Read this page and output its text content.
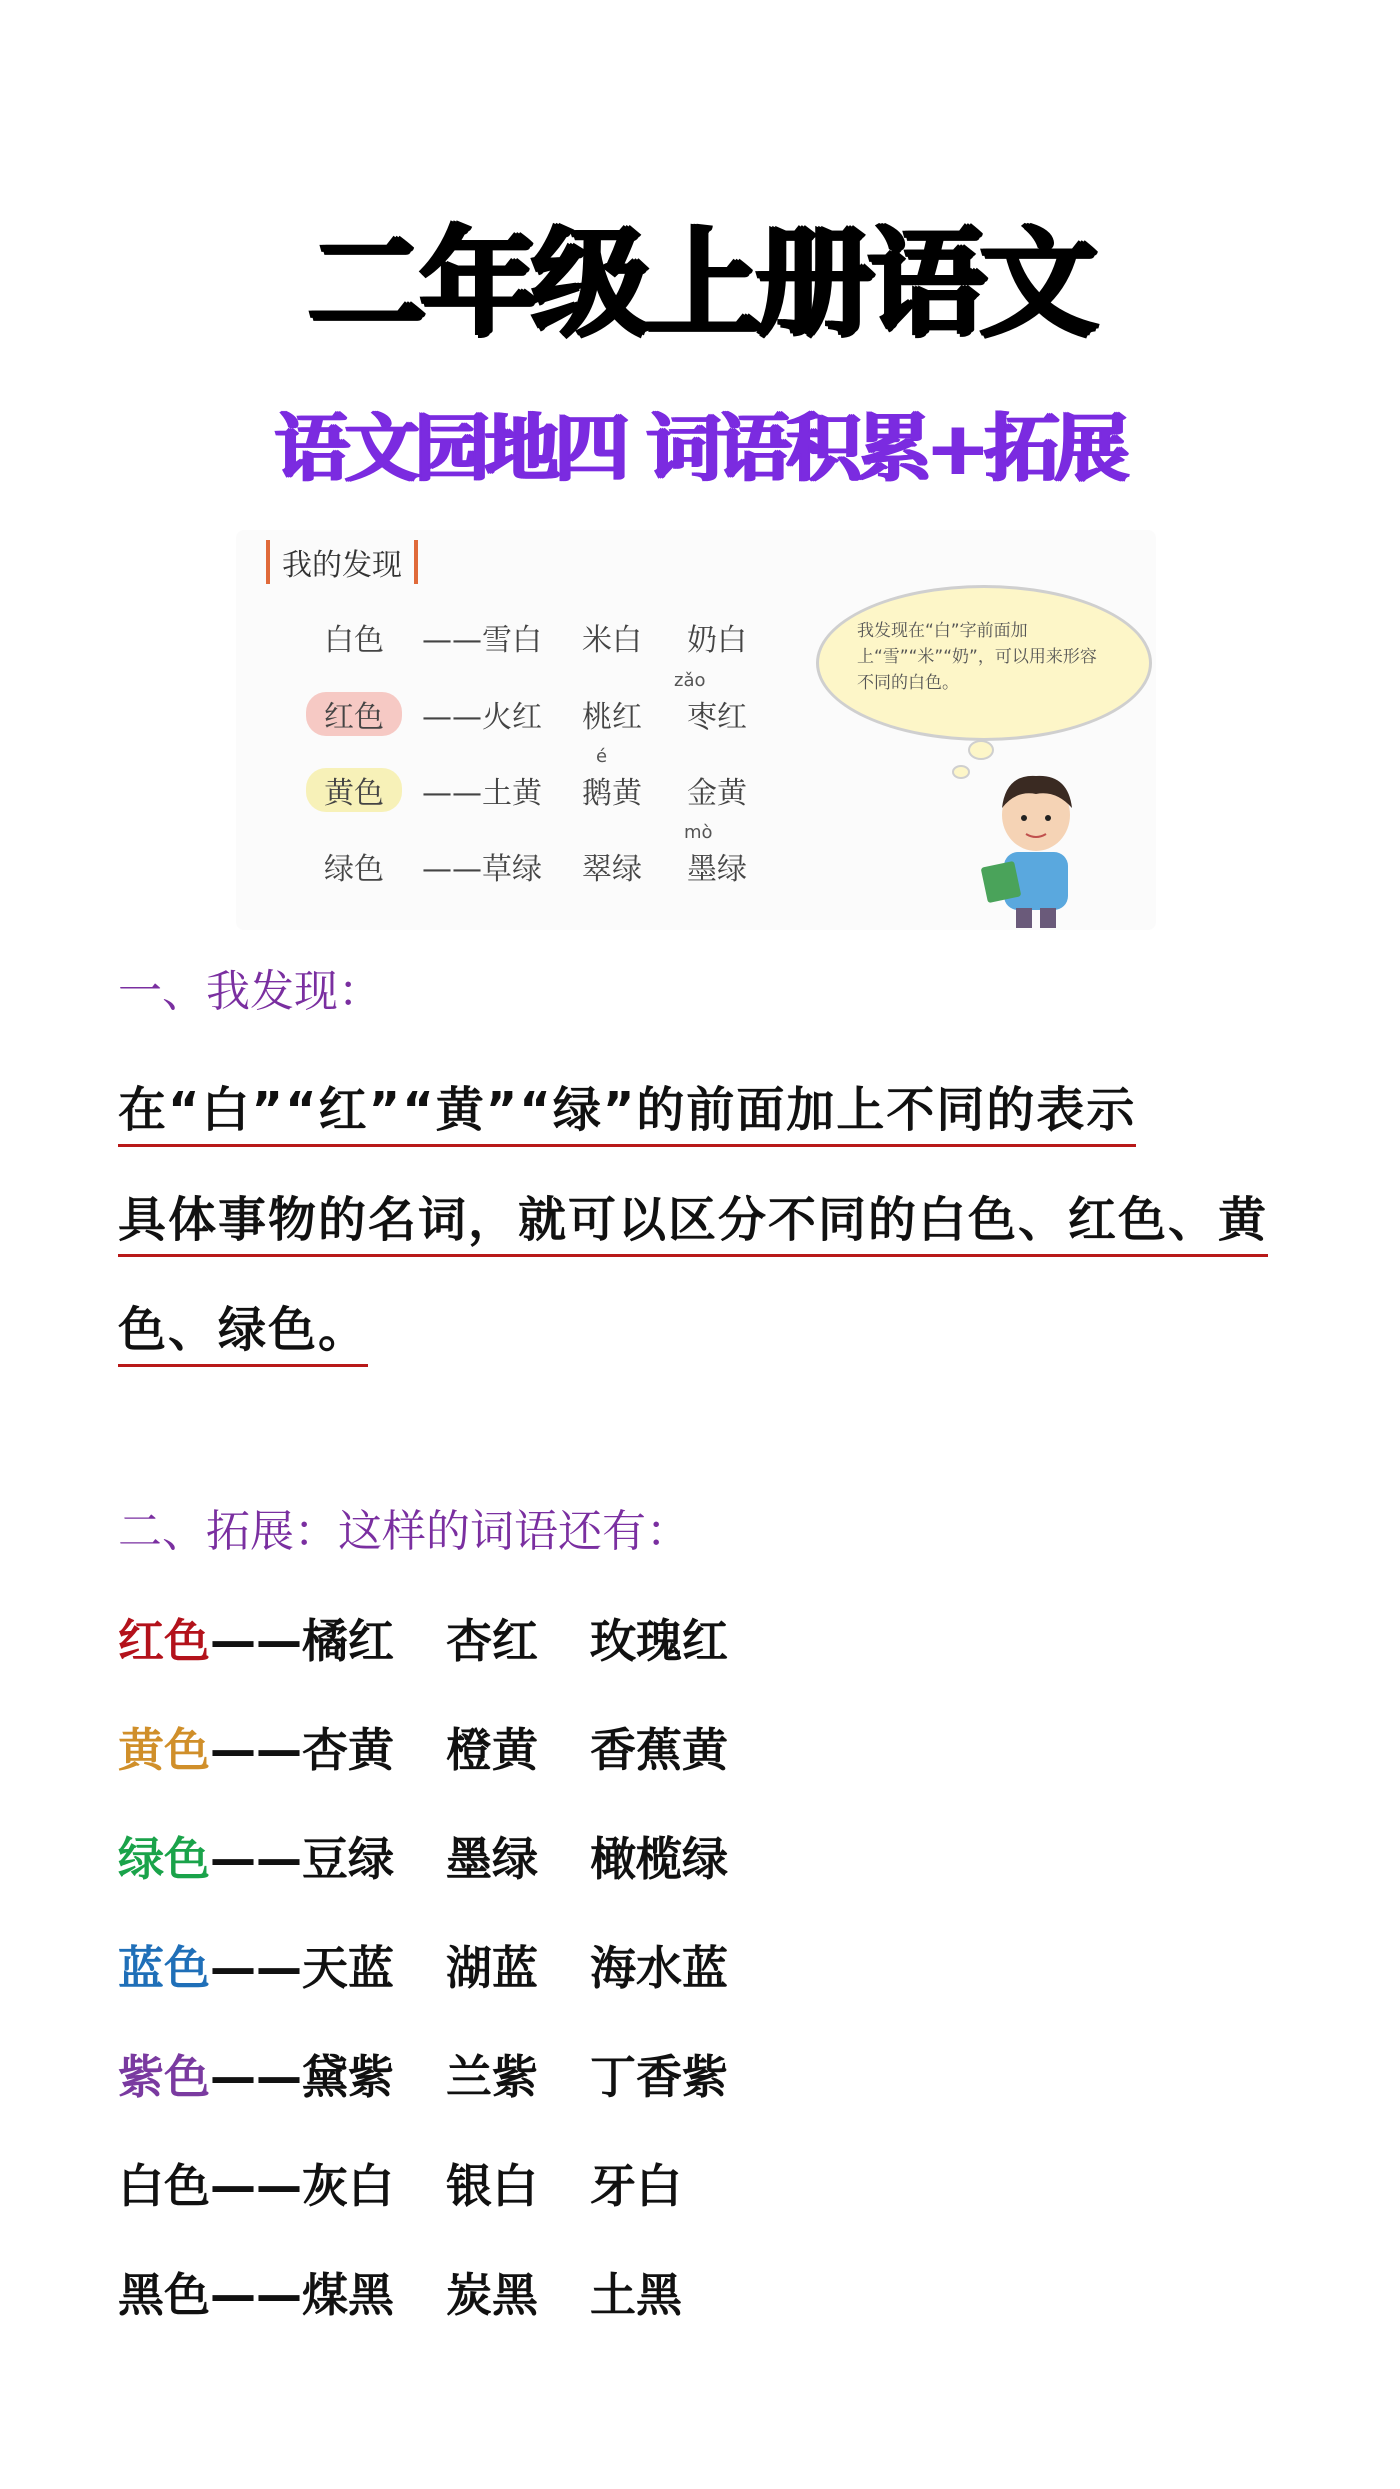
二年级上册语文
语文园地四 词语积累+拓展
我的发现
白色 ——雪白 米白 奶白
zǎo
红色 ——火红 桃红 枣红
é
黄色 ——土黄 鹅黄 金黄
mò
绿色 ——草绿 翠绿 墨绿
我发现在“白”字前面加上“雪”“米”“奶”，可以用来形容不同的白色。
一、我发现：
在“白”“红”“黄”“绿”的前面加上不同的表示
具体事物的名词，就可以区分不同的白色、红色、黄
色、绿色。
二、拓展：这样的词语还有：
红色——橘红 杏红 玫瑰红
黄色——杏黄 橙黄 香蕉黄
绿色——豆绿 墨绿 橄榄绿
蓝色——天蓝 湖蓝 海水蓝
紫色——黛紫 兰紫 丁香紫
白色——灰白 银白 牙白
黑色——煤黑 炭黑 土黑
